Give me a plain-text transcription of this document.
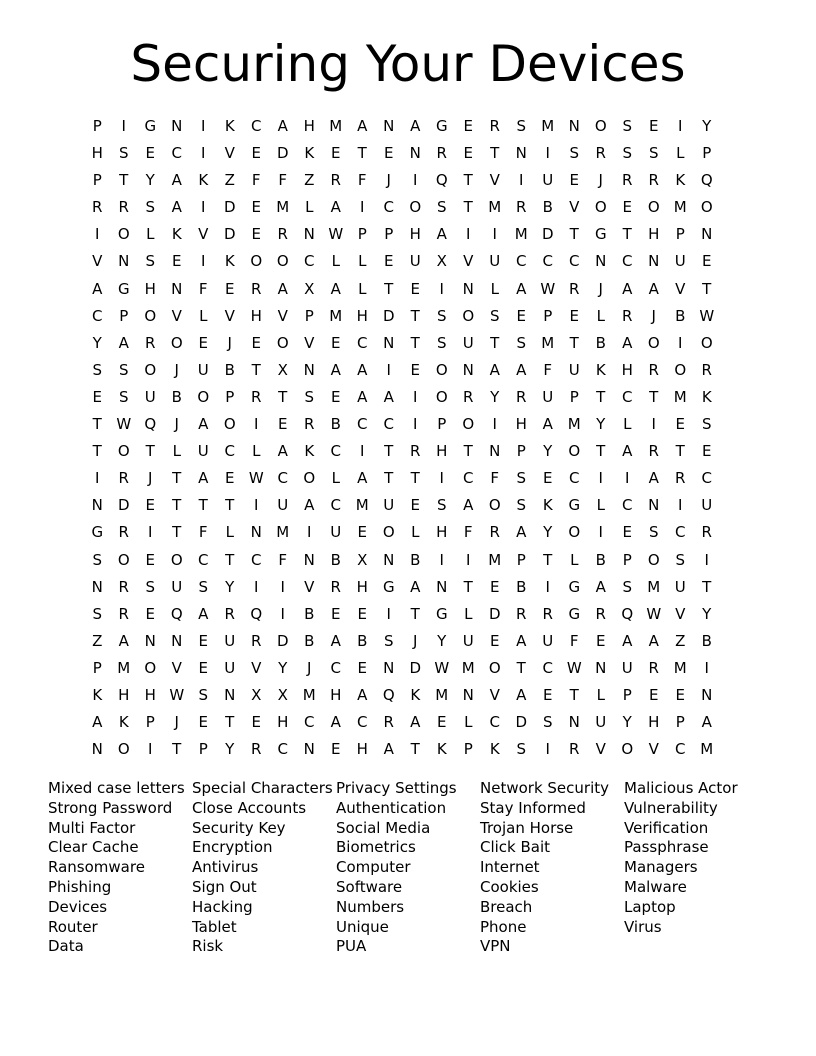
Securing Your Devices
P	I	G	N	I	K	C	A	H M A	N	A	G	E	R	S	M N O	S	E	I	Y
H	S	E	C	I	V	E	D	K	E	T	E	N	R	E	T	N	I	S	R	S	S	L	P
P	T	Y	A	K	Z	F	F	Z	R	F	J	I	Q	T	V	I	U	E	J	R	R	K	Q
R	R	S	A	I	D	E	M	L	A	I	C	O	S	T	M R	B	V	O	E	O M O
I	O	L	K	V	D	E	R	N W P	P	H	A	I	I	M D	T	G	T	H	P	N
V	N	S	E	I	K	O O	C	L	L	E	U	X	V	U	C	C	C	N	C	N	U	E
A	G	H	N	F	E	R	A	X	A	L	T	E	I	N	L	A W R	J	A	A	V	T
C	P	O	V	L	V	H	V	P	M H	D	T	S	O	S	E	P	E	L	R	J	B W
Y	A	R	O	E	J	E	O	V	E	C	N	T	S	U	T	S	M	T	B	A	O	I	O
S	S	O	J	U	B	T	X	N	A	A	I	E	O N	A	A	F	U	K	H	R	O	R
E	S	U	B	O	P	R	T	S	E	A	A	I	O	R	Y	R	U	P	T	C	T	M	K
T W Q	J	A	O	I	E	R	B	C	C	I	P	O	I	H	A M	Y	L	I	E	S
T	O	T	L	U	C	L	A	K	C	I	T	R	H	T	N	P	Y	O	T	A	R	T	E
I	R	J	T	A	E W C	O	L	A	T	T	I	C	F	S	E	C	I	I	A	R	C
N	D	E	T	T	T	I	U	A	C M U	E	S	A	O	S	K	G	L	C	N	I	U
G	R	I	T	F	L	N M	I	U	E	O	L	H	F	R	A	Y	O	I	E	S	C	R
S	O	E	O	C	T	C	F	N	B	X	N	B	I	I	M	P	T	L	B	P	O	S	I
N	R	S	U	S	Y	I	I	V	R	H	G	A	N	T	E	B	I	G	A	S	M U	T
S	R	E	Q	A	R	Q	I	B	E	E	I	T	G	L	D	R	R	G	R	Q W V	Y
Z	A	N	N	E	U	R	D	B	A	B	S	J	Y	U	E	A	U	F	E	A	A	Z	B
P	M O	V	E	U	V	Y	J	C	E	N	D W M O	T	C W N	U	R M	I
K	H	H W S	N	X	X M H	A	Q	K	M N	V	A	E	T	L	P	E	E	N
A	K	P	J	E	T	E	H	C	A	C	R	A	E	L	C	D	S	N	U	Y	H	P	A
N O	I	T	P	Y	R	C	N	E	H	A	T	K	P	K	S	I	R	V	O	V	C M
Mixed case letters
Strong Password
Multi Factor
Clear Cache
Ransomware
Phishing
Devices
Router
Data
Special Characters
Close Accounts
Security Key
Encryption
Antivirus
Sign Out
Hacking
Tablet
Risk
Privacy Settings
Authentication
Social Media
Biometrics
Computer
Software
Numbers
Unique
PUA
Network Security
Stay Informed
Trojan Horse
Click Bait
Internet
Cookies
Breach
Phone
VPN
Malicious Actor
Vulnerability
Verification
Passphrase
Managers
Malware
Laptop
Virus
